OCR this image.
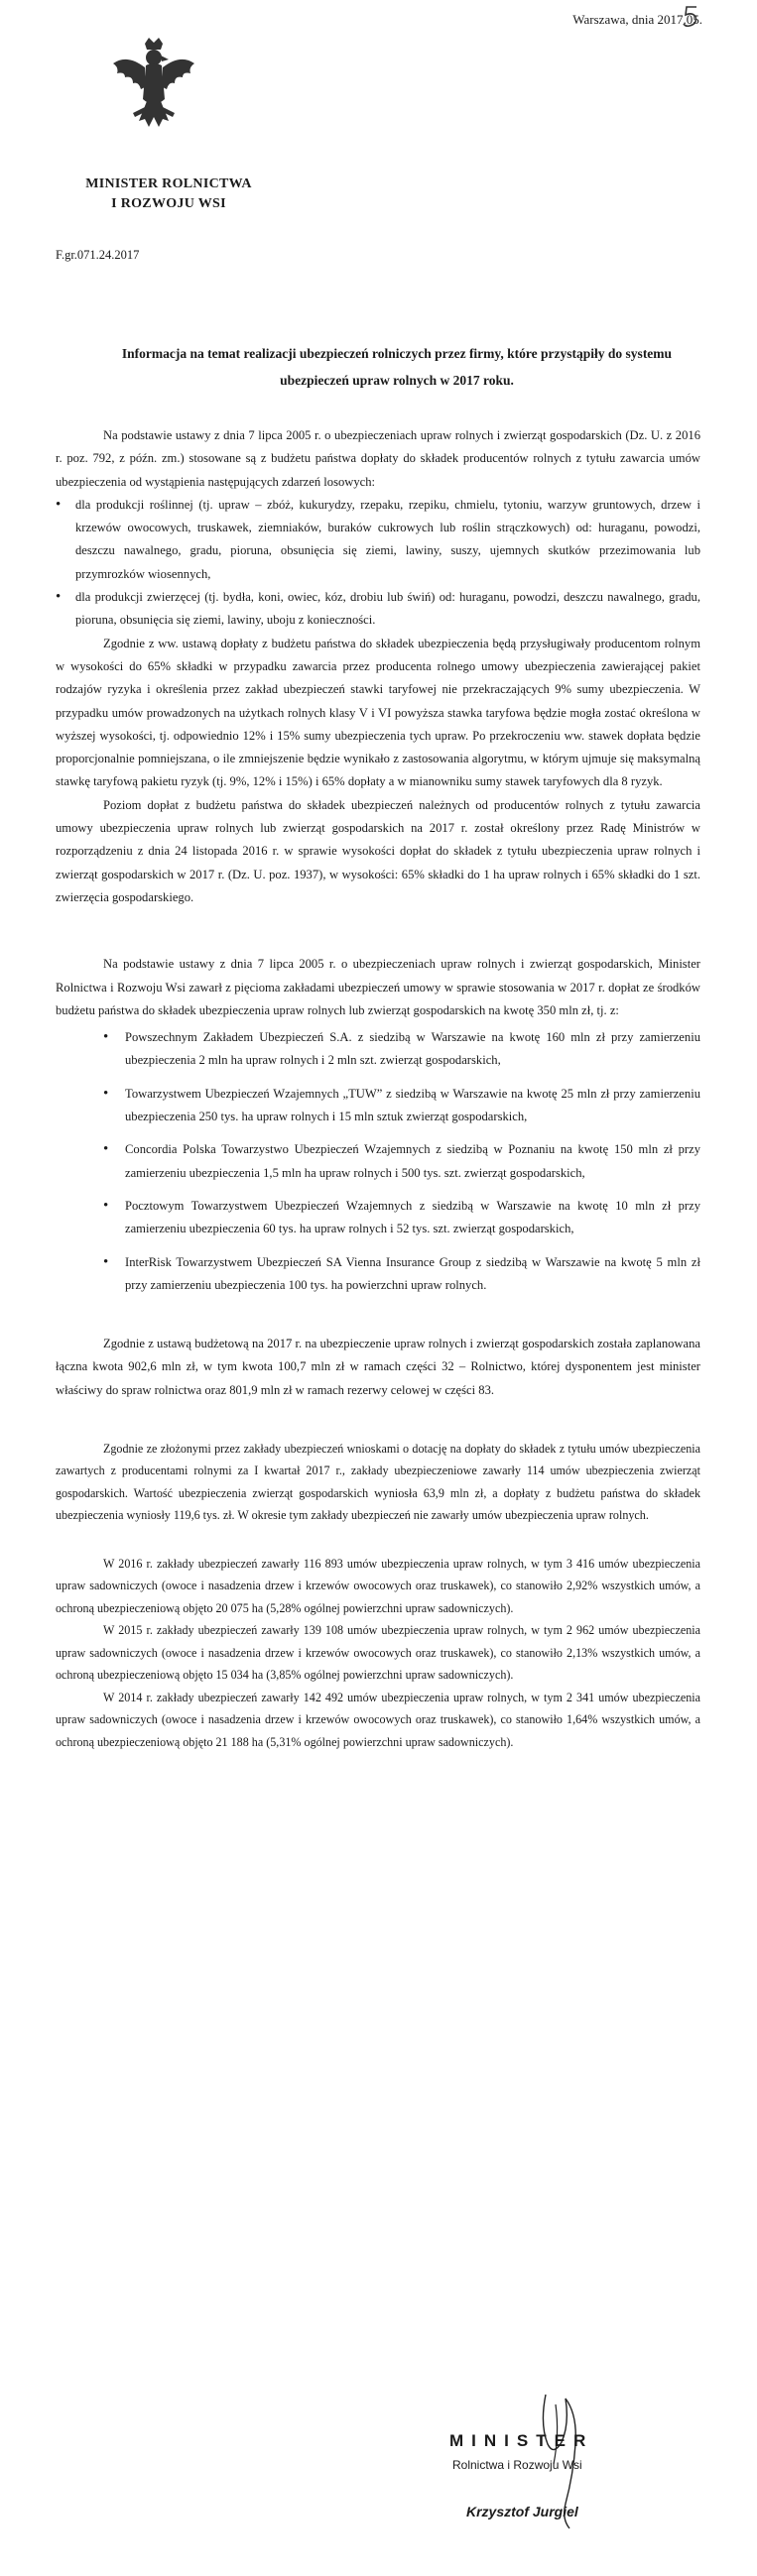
Warszawa, dnia 2017.05.
MINISTER ROLNICTWA
I ROZWOJU WSI
F.gr.071.24.2017
Informacja na temat realizacji ubezpieczeń rolniczych przez firmy, które przystąpiły do systemu
ubezpieczeń upraw rolnych w 2017 roku.

Na podstawie ustawy z dnia 7 lipca 2005 r. o ubezpieczeniach upraw rolnych i zwierząt gospodarskich (Dz. U. z 2016 r. poz. 792, z późn. zm.) stosowane są z budżetu państwa dopłaty do składek producentów rolnych z tytułu zawarcia umów ubezpieczenia od wystąpienia następujących zdarzeń losowych:

• dla produkcji roślinnej (tj. upraw – zbóż, kukurydzy, rzepaku, rzepiku, chmielu, tytoniu, warzyw gruntowych, drzew i krzewów owocowych, truskawek, ziemniaków, buraków cukrowych lub roślin strączkowych) od: huraganu, powodzi, deszczu nawalnego, gradu, pioruna, obsunięcia się ziemi, lawiny, suszy, ujemnych skutków przezimowania lub przymrozków wiosennych,
• dla produkcji zwierzęcej (tj. bydła, koni, owiec, kóz, drobiu lub świń) od: huraganu, powodzi, deszczu nawalnego, gradu, pioruna, obsunięcia się ziemi, lawiny, uboju z konieczności.

Zgodnie z ww. ustawą dopłaty z budżetu państwa do składek ubezpieczenia będą przysługiwały producentom rolnym w wysokości do 65% składki w przypadku zawarcia przez producenta rolnego umowy ubezpieczenia zawierającej pakiet rodzajów ryzyka i określenia przez zakład ubezpieczeń stawki taryfowej nie przekraczających 9% sumy ubezpieczenia. W przypadku umów prowadzonych na użytkach rolnych klasy V i VI powyższa stawka taryfowa będzie mogła zostać określona w wyższej wysokości, tj. odpowiednio 12% i 15% sumy ubezpieczenia tych upraw. Po przekroczeniu ww. stawek dopłata będzie proporcjonalnie pomniejszana, o ile zmniejszenie będzie wynikało z zastosowania algorytmu, w którym ujmuje się maksymalną stawkę taryfową pakietu ryzyk (tj. 9%, 12% i 15%) i 65% dopłaty a w mianowniku sumy stawek taryfowych dla 8 ryzyk.

Poziom dopłat z budżetu państwa do składek ubezpieczeń należnych od producentów rolnych z tytułu zawarcia umowy ubezpieczenia upraw rolnych lub zwierząt gospodarskich na 2017 r. został określony przez Radę Ministrów w rozporządzeniu z dnia 24 listopada 2016 r. w sprawie wysokości dopłat do składek z tytułu ubezpieczenia upraw rolnych i zwierząt gospodarskich w 2017 r. (Dz. U. poz. 1937), w wysokości: 65% składki do 1 ha upraw rolnych i 65% składki do 1 szt. zwierzęcia gospodarskiego.

Na podstawie ustawy z dnia 7 lipca 2005 r. o ubezpieczeniach upraw rolnych i zwierząt gospodarskich, Minister Rolnictwa i Rozwoju Wsi zawarł z pięcioma zakładami ubezpieczeń umowy w sprawie stosowania w 2017 r. dopłat ze środków budżetu państwa do składek ubezpieczenia upraw rolnych lub zwierząt gospodarskich na kwotę 350 mln zł, tj. z:

• Powszechnym Zakładem Ubezpieczeń S.A. z siedzibą w Warszawie na kwotę 160 mln zł przy zamierzeniu ubezpieczenia 2 mln ha upraw rolnych i 2 mln szt. zwierząt gospodarskich,
• Towarzystwem Ubezpieczeń Wzajemnych „TUW” z siedzibą w Warszawie na kwotę 25 mln zł przy zamierzeniu ubezpieczenia 250 tys. ha upraw rolnych i 15 mln sztuk zwierząt gospodarskich,
• Concordia Polska Towarzystwo Ubezpieczeń Wzajemnych z siedzibą w Poznaniu na kwotę 150 mln zł przy zamierzeniu ubezpieczenia 1,5 mln ha upraw rolnych i 500 tys. szt. zwierząt gospodarskich,
• Pocztowym Towarzystwem Ubezpieczeń Wzajemnych z siedzibą w Warszawie na kwotę 10 mln zł przy zamierzeniu ubezpieczenia 60 tys. ha upraw rolnych i 52 tys. szt. zwierząt gospodarskich,
• InterRisk Towarzystwem Ubezpieczeń SA Vienna Insurance Group z siedzibą w Warszawie na kwotę 5 mln zł przy zamierzeniu ubezpieczenia 100 tys. ha powierzchni upraw rolnych.

Zgodnie z ustawą budżetową na 2017 r. na ubezpieczenie upraw rolnych i zwierząt gospodarskich została zaplanowana łączna kwota 902,6 mln zł, w tym kwota 100,7 mln zł w ramach części 32 – Rolnictwo, której dysponentem jest minister właściwy do spraw rolnictwa oraz 801,9 mln zł w ramach rezerwy celowej w części 83.

Zgodnie ze złożonymi przez zakłady ubezpieczeń wnioskami o dotację na dopłaty do składek z tytułu umów ubezpieczenia zawartych z producentami rolnymi za I kwartał 2017 r., zakłady ubezpieczeniowe zawarły 114 umów ubezpieczenia zwierząt gospodarskich. Wartość ubezpieczenia zwierząt gospodarskich wyniosła 63,9 mln zł, a dopłaty z budżetu państwa do składek ubezpieczenia wyniosły 119,6 tys. zł. W okresie tym zakłady ubezpieczeń nie zawarły umów ubezpieczenia upraw rolnych.

W 2016 r. zakłady ubezpieczeń zawarły 116 893 umów ubezpieczenia upraw rolnych, w tym 3 416 umów ubezpieczenia upraw sadowniczych (owoce i nasadzenia drzew i krzewów owocowych oraz truskawek), co stanowiło 2,92% wszystkich umów, a ochroną ubezpieczeniową objęto 20 075 ha (5,28% ogólnej powierzchni upraw sadowniczych).

W 2015 r. zakłady ubezpieczeń zawarły 139 108 umów ubezpieczenia upraw rolnych, w tym 2 962 umów ubezpieczenia upraw sadowniczych (owoce i nasadzenia drzew i krzewów owocowych oraz truskawek), co stanowiło 2,13% wszystkich umów, a ochroną ubezpieczeniową objęto 15 034 ha (3,85% ogólnej powierzchni upraw sadowniczych).

W 2014 r. zakłady ubezpieczeń zawarły 142 492 umów ubezpieczenia upraw rolnych, w tym 2 341 umów ubezpieczenia upraw sadowniczych (owoce i nasadzenia drzew i krzewów owocowych oraz truskawek), co stanowiło 1,64% wszystkich umów, a ochroną ubezpieczeniową objęto 21 188 ha (5,31% ogólnej powierzchni upraw sadowniczych).

MINISTER
Rolnictwa i Rozwoju Wsi
Krzysztof Jurgiel
